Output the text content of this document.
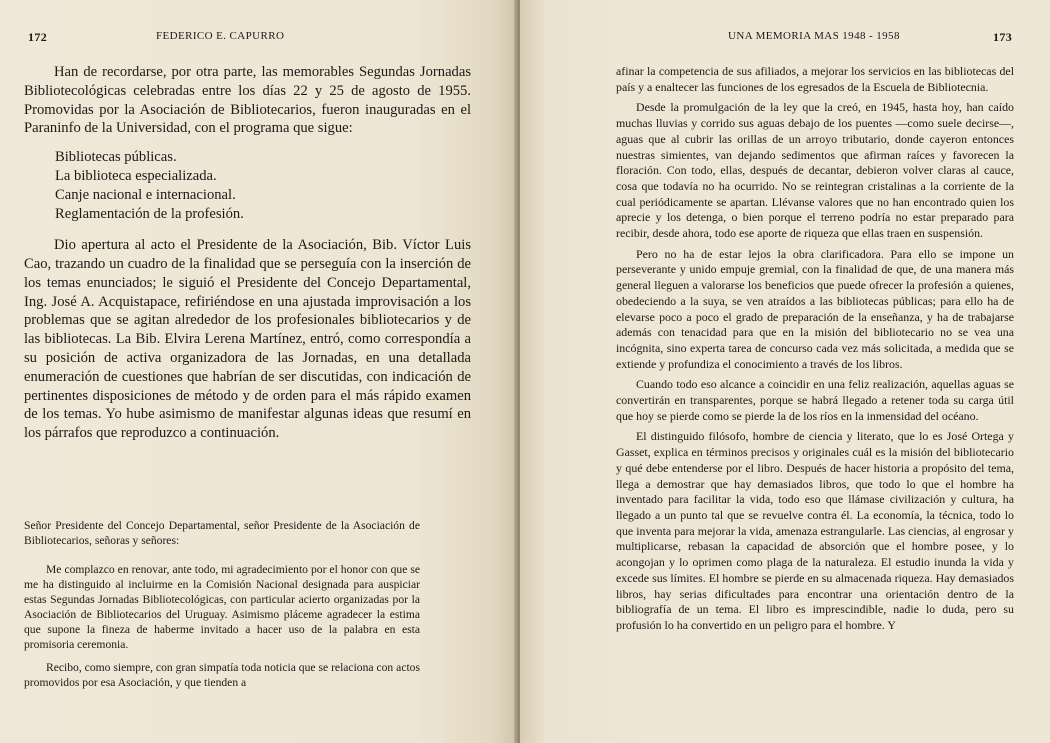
172	FEDERICO E. CAPURRO

Han de recordarse, por otra parte, las memorables Segundas Jornadas Bibliotecológicas celebradas entre los días 22 y 25 de agosto de 1955. Promovidas por la Asociación de Bibliotecarios, fueron inauguradas en el Paraninfo de la Universidad, con el programa que sigue:

Bibliotecas públicas.
La biblioteca especializada.
Canje nacional e internacional.
Reglamentación de la profesión.

Dio apertura al acto el Presidente de la Asociación, Bib. Víctor Luis Cao, trazando un cuadro de la finalidad que se perseguía con la inserción de los temas enunciados; le siguió el Presidente del Concejo Departamental, Ing. José A. Acquistapace, refiriéndose en una ajustada improvisación a los problemas que se agitan alrededor de los profesionales bibliotecarios y de las bibliotecas. La Bib. Elvira Lerena Martínez, entró, como correspondía a su posición de activa organizadora de las Jornadas, en una detallada enumeración de cuestiones que habrían de ser discutidas, con indicación de pertinentes disposiciones de método y de orden para el más rápido examen de los temas. Yo hube asimismo de manifestar algunas ideas que resumí en los párrafos que reproduzco a continuación.

Señor Presidente del Concejo Departamental, señor Presidente de la Asociación de Bibliotecarios, señoras y señores:

Me complazco en renovar, ante todo, mi agradecimiento por el honor con que se me ha distinguido al incluirme en la Comisión Nacional designada para auspiciar estas Segundas Jornadas Bibliotecológicas, con particular acierto organizadas por la Asociación de Bibliotecarios del Uruguay. Asimismo pláceme agradecer la estima que supone la fineza de haberme invitado a hacer uso de la palabra en esta promisoria ceremonia.

Recibo, como siempre, con gran simpatía toda noticia que se relaciona con actos promovidos por esa Asociación, y que tienden a

UNA MEMORIA MAS 1948 - 1958	173

afinar la competencia de sus afiliados, a mejorar los servicios en las bibliotecas del país y a enaltecer las funciones de los egresados de la Escuela de Bibliotecnia.

Desde la promulgación de la ley que la creó, en 1945, hasta hoy, han caído muchas lluvias y corrido sus aguas debajo de los puentes —como suele decirse—, aguas que al cubrir las orillas de un arroyo tributario, donde cayeron entonces nuestras simientes, van dejando sedimentos que afirman raíces y favorecen la floración. Con todo, ellas, después de decantar, debieron volver claras al cauce, cosa que todavía no ha ocurrido. No se reintegran cristalinas a la corriente de la cual periódicamente se apartan. Llévanse valores que no han encontrado quien los aprecie y los detenga, o bien porque el terreno podría no estar preparado para recibir, desde ahora, todo ese aporte de riqueza que ellas traen en suspensión.

Pero no ha de estar lejos la obra clarificadora. Para ello se impone un perseverante y unido empuje gremial, con la finalidad de que, de una manera más general lleguen a valorarse los beneficios que puede ofrecer la profesión a quienes, obedeciendo a la suya, se ven atraídos a las bibliotecas públicas; para ello ha de elevarse poco a poco el grado de preparación de la enseñanza, y ha de trabajarse además con tenacidad para que en la misión del bibliotecario no se vea una incógnita, sino experta tarea de concurso cada vez más solicitada, a medida que se extiende y profundiza el conocimiento a través de los libros.

Cuando todo eso alcance a coincidir en una feliz realización, aquellas aguas se convertirán en transparentes, porque se habrá llegado a retener toda su carga útil que hoy se pierde como se pierde la de los ríos en la inmensidad del océano.

El distinguido filósofo, hombre de ciencia y literato, que lo es José Ortega y Gasset, explica en términos precisos y originales cuál es la misión del bibliotecario y qué debe entenderse por el libro. Después de hacer historia a propósito del tema, llega a demostrar que hay demasiados libros, que todo lo que el hombre ha inventado para facilitar la vida, todo eso que llámase civilización y cultura, ha llegado a un punto tal que se revuelve contra él. La economía, la técnica, todo lo que inventa para mejorar la vida, amenaza estrangularle. Las ciencias, al engrosar y multiplicarse, rebasan la capacidad de absorción que el hombre posee, y lo acongojan y lo oprimen como plaga de la naturaleza. El estudio inunda la vida y excede sus límites. El hombre se pierde en su almacenada riqueza. Hay demasiados libros, hay serias dificultades para encontrar una orientación dentro de la bibliografía de un tema. El libro es imprescindible, nadie lo duda, pero su profusión lo ha convertido en un peligro para el hombre. Y
